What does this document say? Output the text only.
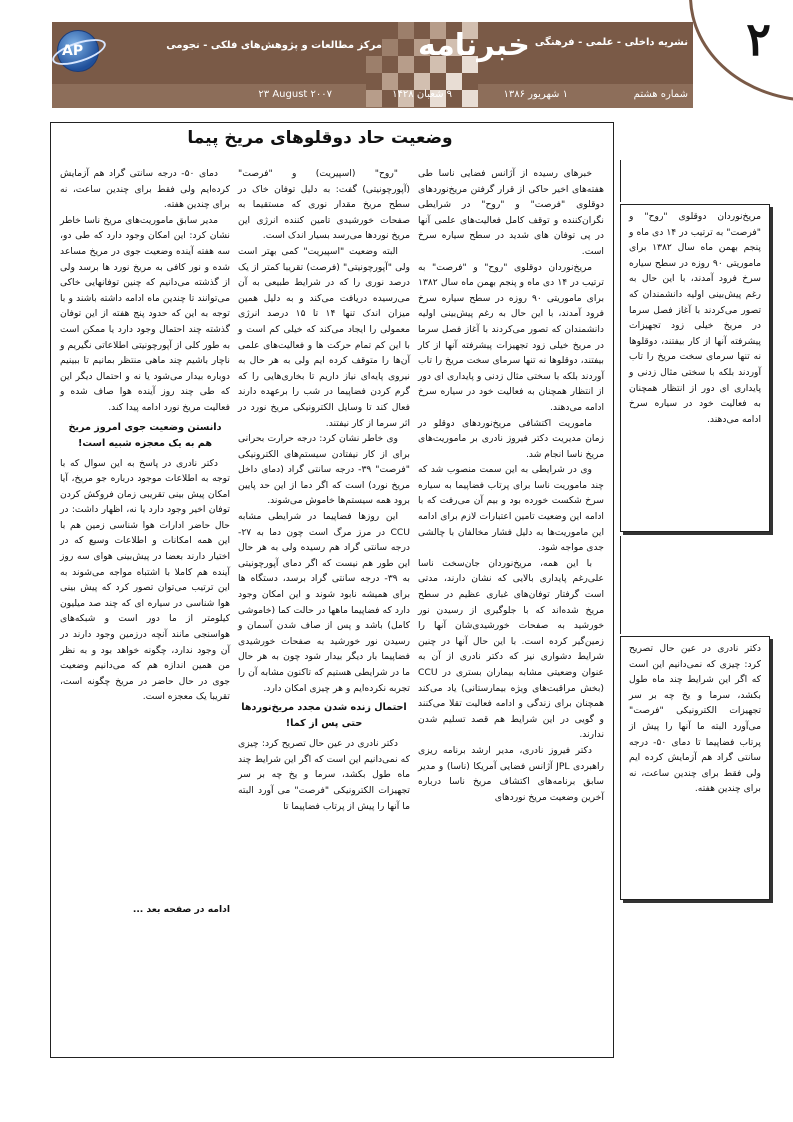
خبرنامه
مرکز مطالعات و پژوهش‌های فلکی - نجومی	نشریه داخلی - علمی - فرهنگی
شماره هشتم
۱ شهریور ۱۳۸۶
۹ شعبان ۱۴۲۸
۲۳ August ۲۰۰۷
۲
AP
وضعیت حاد دوقلوهای مریخ پیما

خبرهای رسیده از آژانس فضایی ناسا طی هفته‌های اخیر حاکی از قرار گرفتن مریخ‌نوردهای دوقلوی "فرصت" و "روح" در شرایطی نگران‌کننده و توقف کامل فعالیت‌های علمی آنها در پی توفان های شدید در سطح سیاره سرخ است.

مریخ‌نوردان دوقلوی "روح" و "فرصت" به ترتیب در ۱۴ دی ماه و پنجم بهمن ماه سال ۱۳۸۲ برای ماموریتی ۹۰ روزه در سطح سیاره سرخ فرود آمدند، با این حال به رغم پیش‌بینی اولیه دانشمندان که تصور می‌کردند با آغاز فصل سرما در مریخ خیلی زود تجهیزات پیشرفته آنها از کار بیفتند، دوقلوها نه تنها سرمای سخت مریخ را تاب آوردند بلکه با سختی مثال زدنی و پایداری ای دور از انتظار همچنان به فعالیت خود در سیاره سرخ ادامه می‌دهند.

ماموریت اکتشافی مریخ‌نوردهای دوقلو در زمان مدیریت دکتر فیروز نادری بر ماموریت‌های مریخ ناسا انجام شد.

وی در شرایطی به این سمت منصوب شد که چند ماموریت ناسا برای پرتاب فضاپیما به سیاره سرخ شکست خورده بود و بیم آن می‌رفت که با ادامه این وضعیت تامین اعتبارات لازم برای ادامه این ماموریت‌ها به دلیل فشار مخالفان با چالشی جدی مواجه شود.

با این همه، مریخ‌نوردان جان‌سخت ناسا علی‌رغم پایداری بالایی که نشان دارند، مدتی است گرفتار توفان‌های غباری عظیم در سطح مریخ شده‌اند که با جلوگیری از رسیدن نور خورشید به صفحات خورشیدی‌شان آنها را زمین‌گیر کرده است. با این حال آنها در چنین شرایط دشواری نیز که دکتر نادری از آن به عنوان وضعیتی مشابه بیماران بستری در CCU (بخش مراقبت‌های ویژه بیمارستانی) یاد می‌کند همچنان برای زندگی و ادامه فعالیت تقلا می‌کنند و گویی در این شرایط هم قصد تسلیم شدن ندارند.

دکتر فیروز نادری، مدیر ارشد برنامه ریزی راهبردی JPL آژانس فضایی آمریکا (ناسا) و مدیر سابق برنامه‌های اکتشاف مریخ ناسا درباره آخرین وضعیت مریخ نوردهای

"روح" (اسپیریت) و "فرصت" (آپورچونیتی) گفت: به دلیل توفان خاک در سطح مریخ مقدار نوری که مستقیما به صفحات خورشیدی تامین کننده انرژی این مریخ نوردها می‌رسد بسیار اندک است.

البته وضعیت "اسپیریت" کمی بهتر است ولی "آپورچونیتی" (فرصت) تقریبا کمتر از یک درصد نوری را که در شرایط طبیعی به آن می‌رسیده دریافت می‌کند و به دلیل همین میزان اندک تنها ۱۴ تا ۱۵ درصد انرژی معمولی را ایجاد می‌کند که خیلی کم است و با این کم تمام حرکت ها و فعالیت‌های علمی آن‌ها را متوقف کرده ایم ولی به هر حال به نیروی پایه‌ای نیاز داریم تا بخاری‌هایی را که گرم کردن فضاپیما در شب را برعهده دارند فعال کند تا وسایل الکترونیکی مریخ نورد در اثر سرما از کار نیفتند.

وی خاطر نشان کرد: درجه حرارت بحرانی برای از کار نیفتادن سیستم‌های الکترونیکی "فرصت" ۳۹- درجه سانتی گراد (دمای داخل مریخ نورد) است که اگر دما از این حد پایین برود همه سیستم‌ها خاموش می‌شوند.

این روزها فضاپیما در شرایطی مشابه CCU در مرز مرگ است چون دما به ۲۷- درجه سانتی گراد هم رسیده ولی به هر حال این طور هم نیست که اگر دمای آپورچونیتی به ۳۹- درجه سانتی گراد برسد، دستگاه ها برای همیشه نابود شوند و این امکان وجود دارد که فضاپیما ماهها در حالت کما (خاموشی کامل) باشد و پس از صاف شدن آسمان و رسیدن نور خورشید به صفحات خورشیدی فضاپیما بار دیگر بیدار شود چون به هر حال ما در شرایطی هستیم که تاکنون مشابه آن را تجربه نکرده‌ایم و هر چیزی امکان دارد.

احتمال زنده شدن مجدد مریخ‌نوردها حتی پس از کما!

دکتر نادری در عین حال تصریح کرد: چیزی که نمی‌دانیم این است که اگر این شرایط چند ماه طول بکشد، سرما و یخ چه بر سر تجهیزات الکترونیکی "فرصت" می آورد البته ما آنها را پیش از پرتاب فضاپیما تا

دمای ۵۰- درجه سانتی گراد هم آزمایش کرده‌ایم ولی فقط برای چندین ساعت، نه برای چندین هفته.

مدیر سابق ماموریت‌های مریخ ناسا خاطر نشان کرد: این امکان وجود دارد که طی دو، سه هفته آینده وضعیت جوی در مریخ مساعد شده و نور کافی به مریخ نورد ها برسد ولی از گذشته می‌دانیم که چنین توفانهایی خاکی می‌توانند تا چندین ماه ادامه داشته باشند و با توجه به این که حدود پنج هفته از این توفان گذشته چند احتمال وجود دارد یا ممکن است به طور کلی از آپورچونیتی اطلاعاتی نگیریم و ناچار باشیم چند ماهی منتظر بمانیم تا ببینیم دوباره بیدار می‌شود یا نه و احتمال دیگر این که طی چند روز آینده هوا صاف شده و فعالیت مریخ نورد ادامه پیدا کند.

دانستن وضعیت جوی امروز مریخ هم به یک معجزه شبیه است!

دکتر نادری در پاسخ به این سوال که با توجه به اطلاعات موجود درباره جو مریخ، آیا امکان پیش بینی تقریبی زمان فروکش کردن توفان اخیر وجود دارد یا نه، اظهار داشت: در حال حاضر ادارات هوا شناسی زمین هم با این همه امکانات و اطلاعات وسیع که در اختیار دارند بعضا در پیش‌بینی هوای سه روز آینده هم کاملا با اشتباه مواجه می‌شوند به این ترتیب می‌توان تصور کرد که پیش بینی هوا شناسی در سیاره ای که چند صد میلیون کیلومتر از ما دور است و شبکه‌های هواسنجی مانند آنچه درزمین وجود دارند در آن وجود ندارد، چگونه خواهد بود و به نظر من همین اندازه هم که می‌دانیم وضعیت جوی در حال حاضر در مریخ چگونه است، تقریبا یک معجزه است.

ادامه در صفحه بعد ...
مریخ‌نوردان دوقلوی "روح" و "فرصت" به ترتیب در ۱۴ دی ماه و پنجم بهمن ماه سال ۱۳۸۲ برای ماموریتی ۹۰ روزه در سطح سیاره سرخ فرود آمدند، با این حال به رغم پیش‌بینی اولیه دانشمندان که تصور می‌کردند با آغاز فصل سرما در مریخ خیلی زود تجهیزات پیشرفته آنها از کار بیفتند، دوقلوها نه تنها سرمای سخت مریخ را تاب آوردند بلکه با سختی مثال زدنی و پایداری ای دور از انتظار همچنان به فعالیت خود در سیاره سرخ ادامه می‌دهند.
دکتر نادری در عین حال تصریح کرد: چیزی که نمی‌دانیم این است که اگر این شرایط چند ماه طول بکشد، سرما و یخ چه بر سر تجهیزات الکترونیکی "فرصت" می‌آورد البته ما آنها را پیش از پرتاب فضاپیما تا دمای ۵۰- درجه سانتی گراد هم آزمایش کرده ایم ولی فقط برای چندین ساعت، نه برای چندین هفته.
